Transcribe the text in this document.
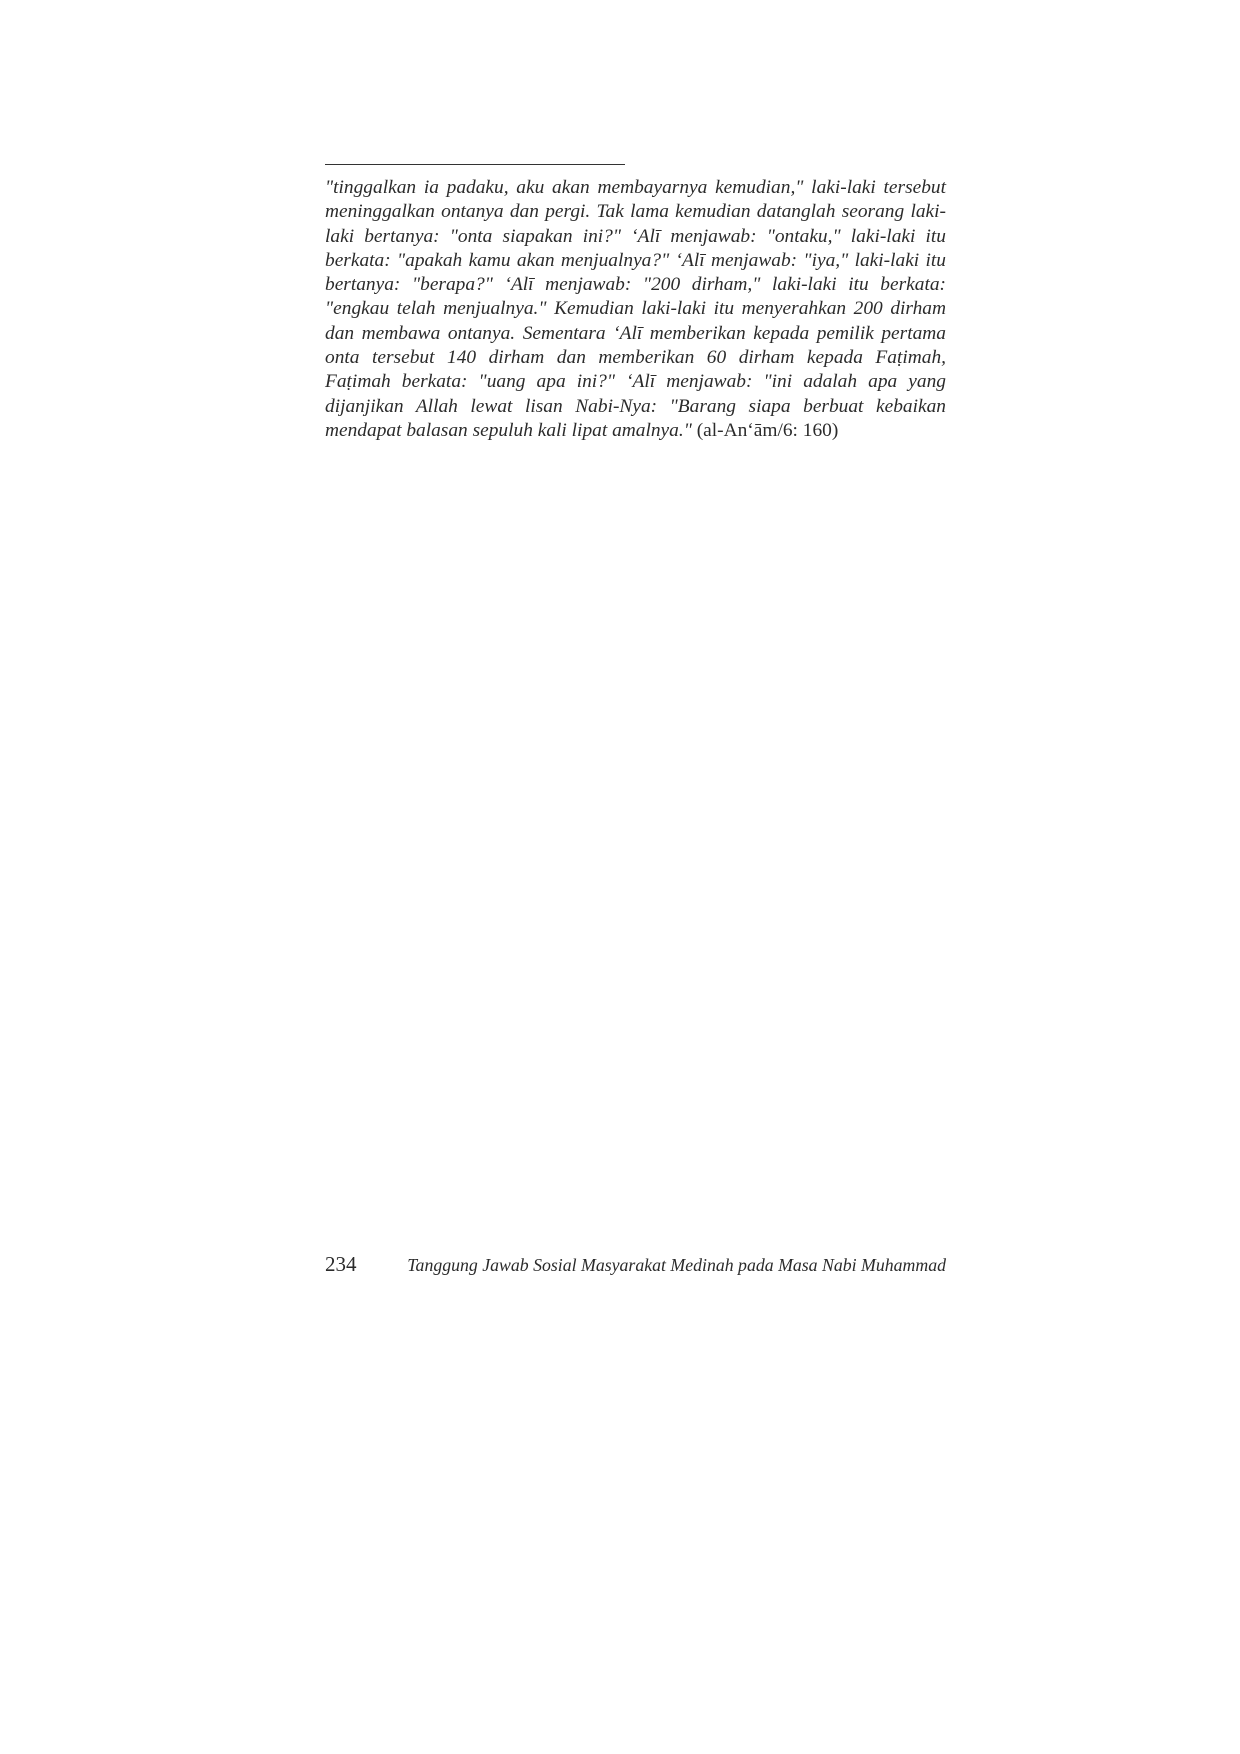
"tinggalkan ia padaku, aku akan membayarnya kemudian," laki-laki tersebut meninggalkan ontanya dan pergi. Tak lama kemudian datanglah seorang laki-laki bertanya: "onta siapakan ini?" ‘Alī menjawab: "ontaku," laki-laki itu berkata: "apakah kamu akan menjualnya?" ‘Alī menjawab: "iya," laki-laki itu bertanya: "berapa?" ‘Alī menjawab: "200 dirham," laki-laki itu berkata: "engkau telah menjualnya." Kemudian laki-laki itu menyerahkan 200 dirham dan membawa ontanya. Sementara ‘Alī memberikan kepada pemilik pertama onta tersebut 140 dirham dan memberikan 60 dirham kepada Faṭimah, Faṭimah berkata: "uang apa ini?" ‘Alī menjawab: "ini adalah apa yang dijanjikan Allah lewat lisan Nabi-Nya: "Barang siapa berbuat kebaikan mendapat balasan sepuluh kali lipat amalnya." (al-An‘ām/6: 160)

234	Tanggung Jawab Sosial Masyarakat Medinah pada Masa Nabi Muhammad
